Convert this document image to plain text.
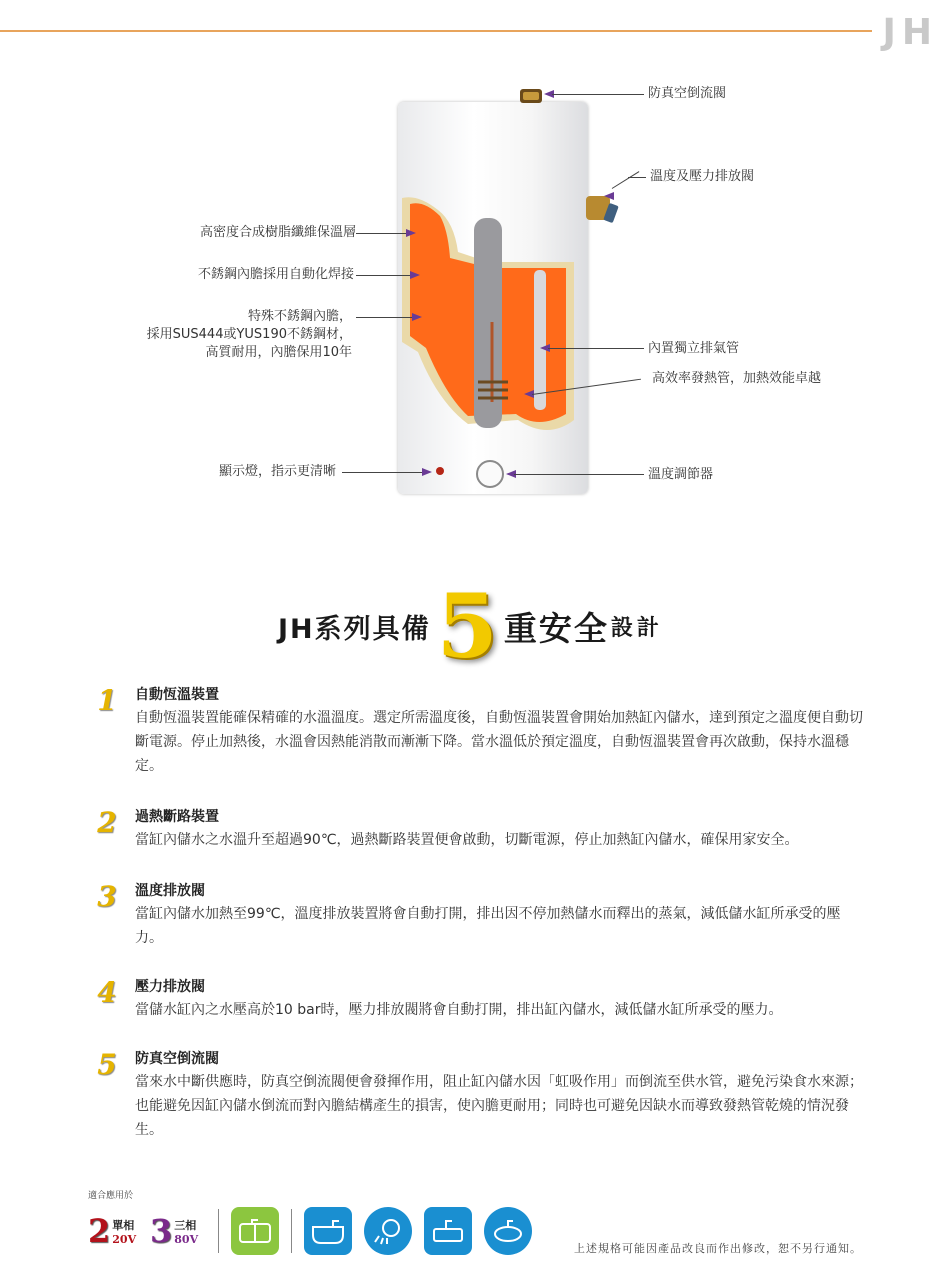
JH
防真空倒流閥
溫度及壓力排放閥
內置獨立排氣管
高效率發熱管，加熱效能卓越
溫度調節器
高密度合成樹脂纖維保溫層
不銹鋼內膽採用自動化焊接
特殊不銹鋼內膽，
採用SUS444或YUS190不銹鋼材，
高質耐用，內膽保用10年
顯示燈，指示更清晰
JH系列具備 5 重安全 設計
1	自動恆溫裝置
自動恆溫裝置能確保精確的水溫溫度。選定所需溫度後，自動恆溫裝置會開始加熱缸內儲水，達到預定之溫度便自動切斷電源。停止加熱後，水溫會因熱能消散而漸漸下降。當水溫低於預定溫度，自動恆溫裝置會再次啟動，保持水溫穩定。
2	過熱斷路裝置
當缸內儲水之水溫升至超過90℃，過熱斷路裝置便會啟動，切斷電源，停止加熱缸內儲水，確保用家安全。
3	溫度排放閥
當缸內儲水加熱至99℃，溫度排放裝置將會自動打開，排出因不停加熱儲水而釋出的蒸氣，減低儲水缸所承受的壓力。
4	壓力排放閥
當儲水缸內之水壓高於10 bar時，壓力排放閥將會自動打開，排出缸內儲水，減低儲水缸所承受的壓力。
5	防真空倒流閥
當來水中斷供應時，防真空倒流閥便會發揮作用，阻止缸內儲水因「虹吸作用」而倒流至供水管，避免污染食水來源；也能避免因缸內儲水倒流而對內膽結構產生的損害，使內膽更耐用；同時也可避免因缺水而導致發熱管乾燒的情況發生。
適合應用於
2 單相
20V 3 三相
80V
上述規格可能因產品改良而作出修改，恕不另行通知。
